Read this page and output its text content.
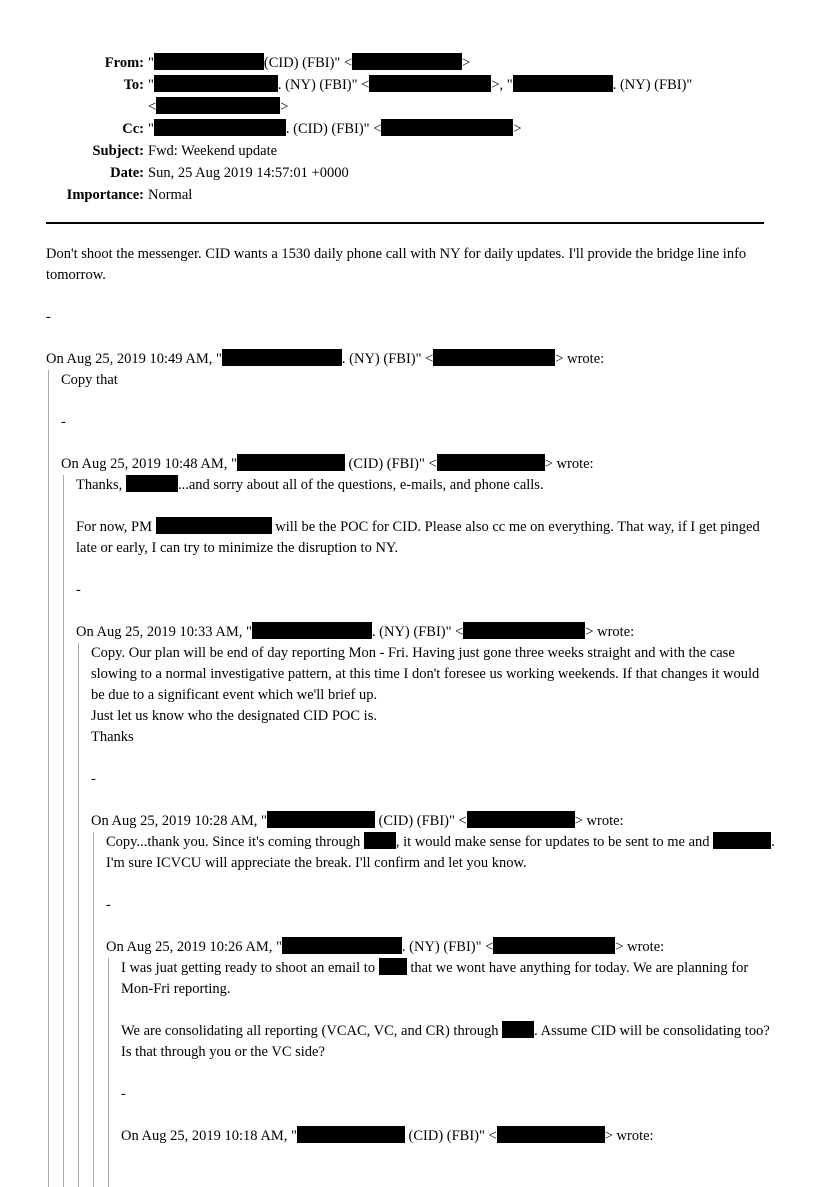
From: "	(CID) (FBI)" <	>
To: "	. (NY) (FBI)" <	>, "	. (NY) (FBI)"
<	>
Cc: "	. (CID) (FBI)" <	>
Subject: Fwd: Weekend update
Date: Sun, 25 Aug 2019 14:57:01 +0000
Importance: Normal

Don't shoot the messenger. CID wants a 1530 daily phone call with NY for daily updates. I'll provide the bridge line info tomorrow.

-

On Aug 25, 2019 10:49 AM, "	. (NY) (FBI)" <	> wrote:

Copy that

-

On Aug 25, 2019 10:48 AM, "	(CID) (FBI)" <	> wrote:

Thanks,	...and sorry about all of the questions, e-mails, and phone calls.

For now, PM	will be the POC for CID. Please also cc me on everything. That way, if I get pinged late or early, I can try to minimize the disruption to NY.

-

On Aug 25, 2019 10:33 AM, "	. (NY) (FBI)" <	> wrote:

Copy. Our plan will be end of day reporting Mon - Fri. Having just gone three weeks straight and with the case slowing to a normal investigative pattern, at this time I don't foresee us working weekends. If that changes it would be due to a significant event which we'll brief up.

Just let us know who the designated CID POC is.

Thanks

-

On Aug 25, 2019 10:28 AM, "	(CID) (FBI)" <	> wrote:

Copy...thank you. Since it's coming through , it would make sense for updates to be sent to me and	. I'm sure ICVCU will appreciate the break. I'll confirm and let you know.

-

On Aug 25, 2019 10:26 AM, "	. (NY) (FBI)" <	> wrote:

I was juat getting ready to shoot an email to  that we wont have anything for today. We are planning for Mon-Fri reporting.

We are consolidating all reporting (VCAC, VC, and CR) through . Assume CID will be consolidating too? Is that through you or the VC side?

-

On Aug 25, 2019 10:18 AM, "	(CID) (FBI)" <	> wrote:
